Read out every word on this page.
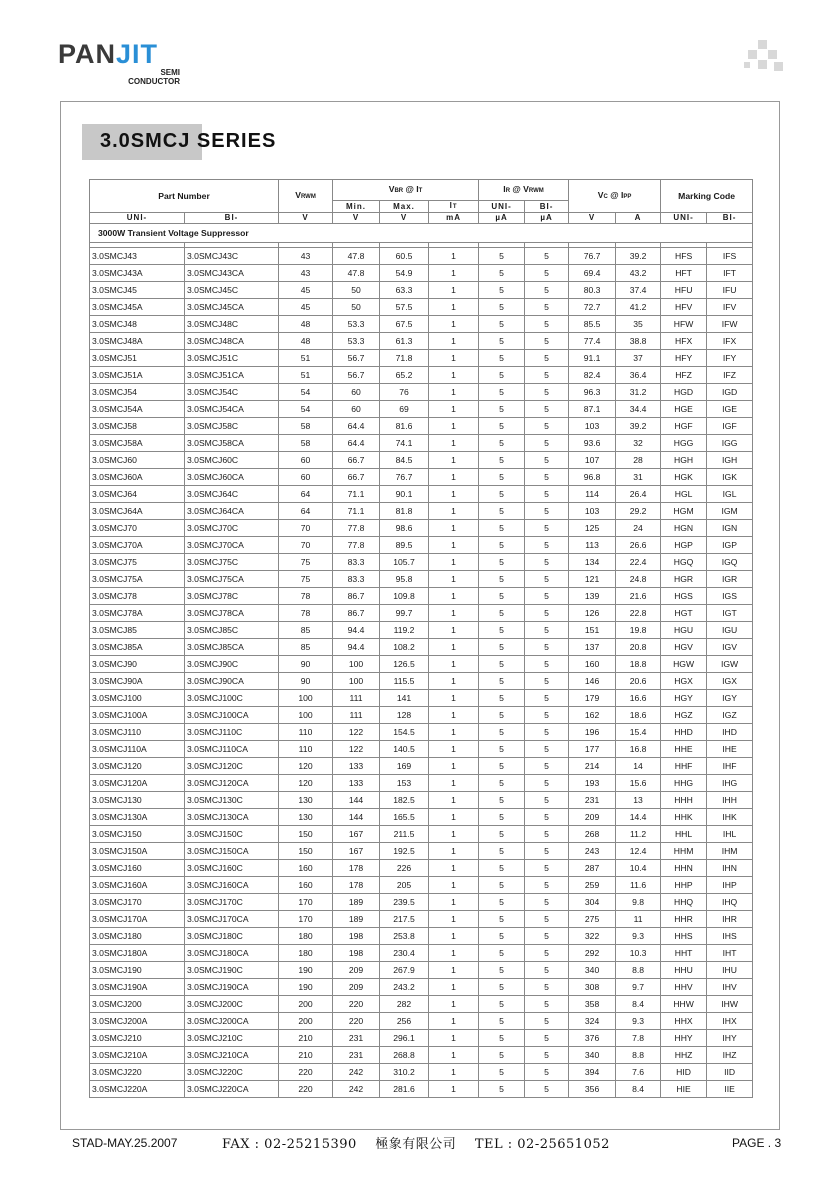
PANJIT
SEMI
CONDUCTOR
3.0SMCJ SERIES
Part Number		VRWM	VBR @ IT			IR @ VRWM		VC @ IPP		Marking Code	
			Min.	Max.	IT	UNI-	BI-				
UNI-	BI-	V	V	V	mA	µA	µA	V	A	UNI-	BI-
3000W Transient Voltage Suppressor											

3.0SMCJ43	3.0SMCJ43C	43	47.8	60.5	1	5	5	76.7	39.2	HFS	IFS
3.0SMCJ43A	3.0SMCJ43CA	43	47.8	54.9	1	5	5	69.4	43.2	HFT	IFT
3.0SMCJ45	3.0SMCJ45C	45	50	63.3	1	5	5	80.3	37.4	HFU	IFU
3.0SMCJ45A	3.0SMCJ45CA	45	50	57.5	1	5	5	72.7	41.2	HFV	IFV
3.0SMCJ48	3.0SMCJ48C	48	53.3	67.5	1	5	5	85.5	35	HFW	IFW
3.0SMCJ48A	3.0SMCJ48CA	48	53.3	61.3	1	5	5	77.4	38.8	HFX	IFX
3.0SMCJ51	3.0SMCJ51C	51	56.7	71.8	1	5	5	91.1	37	HFY	IFY
3.0SMCJ51A	3.0SMCJ51CA	51	56.7	65.2	1	5	5	82.4	36.4	HFZ	IFZ
3.0SMCJ54	3.0SMCJ54C	54	60	76	1	5	5	96.3	31.2	HGD	IGD
3.0SMCJ54A	3.0SMCJ54CA	54	60	69	1	5	5	87.1	34.4	HGE	IGE
3.0SMCJ58	3.0SMCJ58C	58	64.4	81.6	1	5	5	103	39.2	HGF	IGF
3.0SMCJ58A	3.0SMCJ58CA	58	64.4	74.1	1	5	5	93.6	32	HGG	IGG
3.0SMCJ60	3.0SMCJ60C	60	66.7	84.5	1	5	5	107	28	HGH	IGH
3.0SMCJ60A	3.0SMCJ60CA	60	66.7	76.7	1	5	5	96.8	31	HGK	IGK
3.0SMCJ64	3.0SMCJ64C	64	71.1	90.1	1	5	5	114	26.4	HGL	IGL
3.0SMCJ64A	3.0SMCJ64CA	64	71.1	81.8	1	5	5	103	29.2	HGM	IGM
3.0SMCJ70	3.0SMCJ70C	70	77.8	98.6	1	5	5	125	24	HGN	IGN
3.0SMCJ70A	3.0SMCJ70CA	70	77.8	89.5	1	5	5	113	26.6	HGP	IGP
3.0SMCJ75	3.0SMCJ75C	75	83.3	105.7	1	5	5	134	22.4	HGQ	IGQ
3.0SMCJ75A	3.0SMCJ75CA	75	83.3	95.8	1	5	5	121	24.8	HGR	IGR
3.0SMCJ78	3.0SMCJ78C	78	86.7	109.8	1	5	5	139	21.6	HGS	IGS
3.0SMCJ78A	3.0SMCJ78CA	78	86.7	99.7	1	5	5	126	22.8	HGT	IGT
3.0SMCJ85	3.0SMCJ85C	85	94.4	119.2	1	5	5	151	19.8	HGU	IGU
3.0SMCJ85A	3.0SMCJ85CA	85	94.4	108.2	1	5	5	137	20.8	HGV	IGV
3.0SMCJ90	3.0SMCJ90C	90	100	126.5	1	5	5	160	18.8	HGW	IGW
3.0SMCJ90A	3.0SMCJ90CA	90	100	115.5	1	5	5	146	20.6	HGX	IGX
3.0SMCJ100	3.0SMCJ100C	100	111	141	1	5	5	179	16.6	HGY	IGY
3.0SMCJ100A	3.0SMCJ100CA	100	111	128	1	5	5	162	18.6	HGZ	IGZ
3.0SMCJ110	3.0SMCJ110C	110	122	154.5	1	5	5	196	15.4	HHD	IHD
3.0SMCJ110A	3.0SMCJ110CA	110	122	140.5	1	5	5	177	16.8	HHE	IHE
3.0SMCJ120	3.0SMCJ120C	120	133	169	1	5	5	214	14	HHF	IHF
3.0SMCJ120A	3.0SMCJ120CA	120	133	153	1	5	5	193	15.6	HHG	IHG
3.0SMCJ130	3.0SMCJ130C	130	144	182.5	1	5	5	231	13	HHH	IHH
3.0SMCJ130A	3.0SMCJ130CA	130	144	165.5	1	5	5	209	14.4	HHK	IHK
3.0SMCJ150	3.0SMCJ150C	150	167	211.5	1	5	5	268	11.2	HHL	IHL
3.0SMCJ150A	3.0SMCJ150CA	150	167	192.5	1	5	5	243	12.4	HHM	IHM
3.0SMCJ160	3.0SMCJ160C	160	178	226	1	5	5	287	10.4	HHN	IHN
3.0SMCJ160A	3.0SMCJ160CA	160	178	205	1	5	5	259	11.6	HHP	IHP
3.0SMCJ170	3.0SMCJ170C	170	189	239.5	1	5	5	304	9.8	HHQ	IHQ
3.0SMCJ170A	3.0SMCJ170CA	170	189	217.5	1	5	5	275	11	HHR	IHR
3.0SMCJ180	3.0SMCJ180C	180	198	253.8	1	5	5	322	9.3	HHS	IHS
3.0SMCJ180A	3.0SMCJ180CA	180	198	230.4	1	5	5	292	10.3	HHT	IHT
3.0SMCJ190	3.0SMCJ190C	190	209	267.9	1	5	5	340	8.8	HHU	IHU
3.0SMCJ190A	3.0SMCJ190CA	190	209	243.2	1	5	5	308	9.7	HHV	IHV
3.0SMCJ200	3.0SMCJ200C	200	220	282	1	5	5	358	8.4	HHW	IHW
3.0SMCJ200A	3.0SMCJ200CA	200	220	256	1	5	5	324	9.3	HHX	IHX
3.0SMCJ210	3.0SMCJ210C	210	231	296.1	1	5	5	376	7.8	HHY	IHY
3.0SMCJ210A	3.0SMCJ210CA	210	231	268.8	1	5	5	340	8.8	HHZ	IHZ
3.0SMCJ220	3.0SMCJ220C	220	242	310.2	1	5	5	394	7.6	HID	IID
3.0SMCJ220A	3.0SMCJ220CA	220	242	281.6	1	5	5	356	8.4	HIE	IIE
STAD-MAY.25.2007	FAX : 02-25215390    極象有限公司    TEL : 02-25651052	PAGE . 3
